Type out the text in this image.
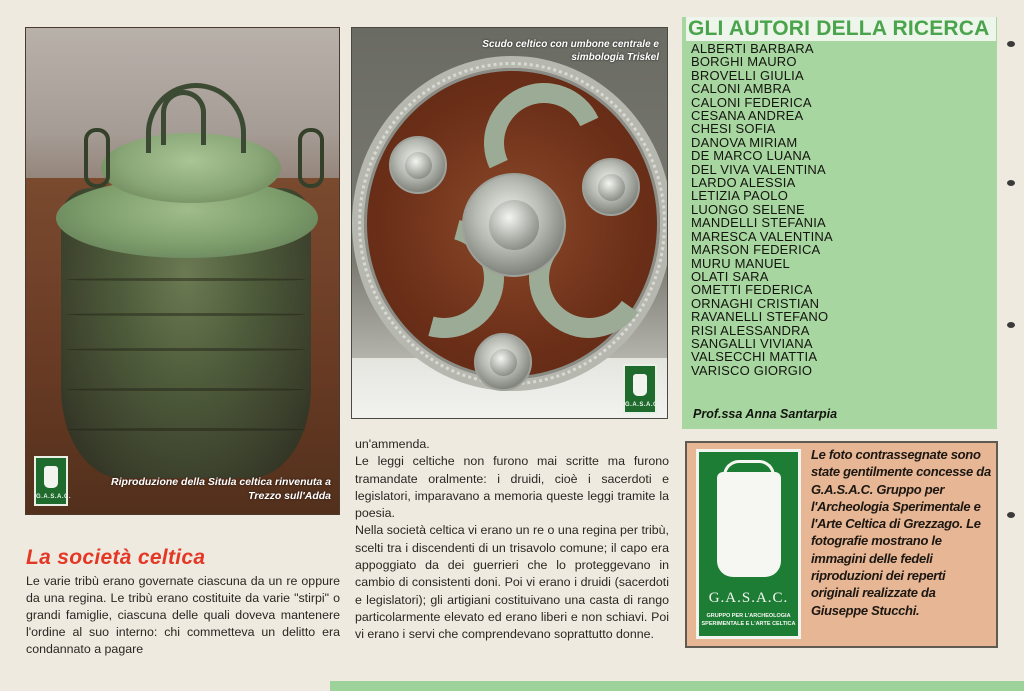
G.A.S.A.C.
Riproduzione della Situla celtica rinvenuta a Trezzo sull'Adda
G.A.S.A.C.
Scudo celtico con umbone centrale e simbologia Triskel
GLI AUTORI DELLA RICERCA
ALBERTI BARBARA
BORGHI MAURO
BROVELLI GIULIA
CALONI AMBRA
CALONI FEDERICA
CESANA ANDREA
CHESI SOFIA
DANOVA MIRIAM
DE MARCO LUANA
DEL VIVA VALENTINA
LARDO ALESSIA
LETIZIA PAOLO
LUONGO SELENE
MANDELLI STEFANIA
MARESCA VALENTINA
MARSON FEDERICA
MURU MANUEL
OLATI SARA
OMETTI FEDERICA
ORNAGHI CRISTIAN
RAVANELLI STEFANO
RISI ALESSANDRA
SANGALLI VIVIANA
VALSECCHI MATTIA
VARISCO GIORGIO
Prof.ssa Anna Santarpia
G.A.S.A.C.
GRUPPO PER L'ARCHEOLOGIA SPERIMENTALE E L'ARTE CELTICA
Le foto contrassegnate sono state gentilmente concesse da G.A.S.A.C. Gruppo per l'Archeologia Sperimentale e l'Arte Celtica di Grezzago. Le fotografie mostrano le immagini delle fedeli riproduzioni dei reperti originali realizzate da Giuseppe Stucchi.
La società celtica
Le varie tribù erano governate ciascuna da un re oppure da una regina. Le tribù erano costituite da varie "stirpi" o grandi famiglie, ciascuna delle quali doveva mantenere l'ordine al suo interno: chi commetteva un delitto era condannato a pagare

un'ammenda.

Le leggi celtiche non furono mai scritte ma furono tramandate oralmente: i druidi, cioè i sacerdoti e legislatori, imparavano a memoria queste leggi tramite la poesia.

Nella società celtica vi erano un re o una regina per tribù, scelti tra i discendenti di un trisavolo comune; il capo era appoggiato da dei guerrieri che lo proteggevano in cambio di consistenti doni. Poi vi erano i druidi (sacerdoti e legislatori); gli artigiani costituivano una casta di rango particolarmente elevato ed erano liberi e non schiavi. Poi vi erano i servi che comprendevano soprattutto donne.
